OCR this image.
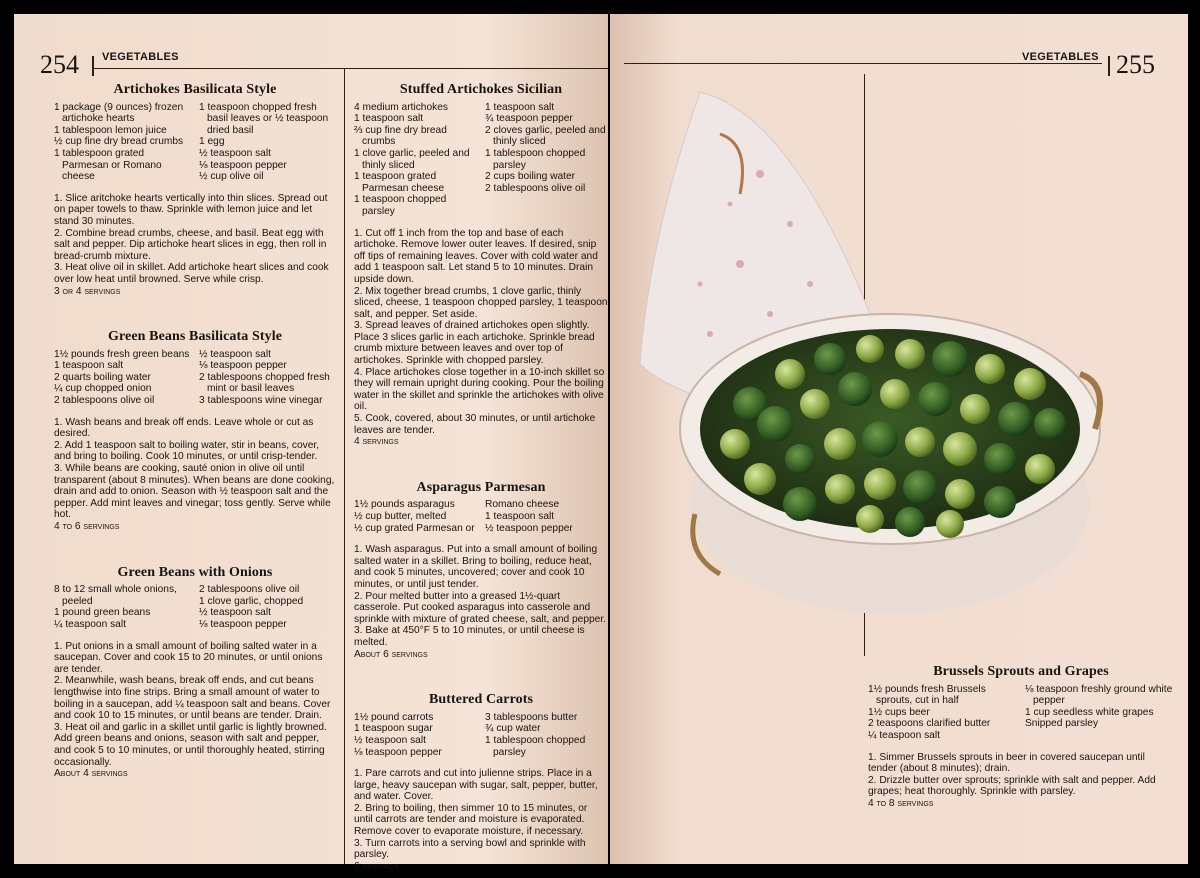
254 VEGETABLES
Artichokes Basilicata Style
1 package (9 ounces) frozen artichoke hearts
1 tablespoon lemon juice
½ cup fine dry bread crumbs
1 tablespoon grated Parmesan or Romano cheese
1 teaspoon chopped fresh basil leaves or ½ teaspoon dried basil
1 egg
½ teaspoon salt
⅛ teaspoon pepper
½ cup olive oil

1. Slice aritchoke hearts vertically into thin slices. Spread out on paper towels to thaw. Sprinkle with lemon juice and let stand 30 minutes.

2. Combine bread crumbs, cheese, and basil. Beat egg with salt and pepper. Dip artichoke heart slices in egg, then roll in bread-crumb mixture.

3. Heat olive oil in skillet. Add artichoke heart slices and cook over low heat until browned. Serve while crisp.

3 or 4 servings

Green Beans Basilicata Style
1½ pounds fresh green beans
1 teaspoon salt
2 quarts boiling water
¼ cup chopped onion
2 tablespoons olive oil
½ teaspoon salt
⅛ teaspoon pepper
2 tablespoons chopped fresh mint or basil leaves
3 tablespoons wine vinegar

1. Wash beans and break off ends. Leave whole or cut as desired.

2. Add 1 teaspoon salt to boiling water, stir in beans, cover, and bring to boiling. Cook 10 minutes, or until crisp-tender.

3. While beans are cooking, sauté onion in olive oil until transparent (about 8 minutes). When beans are done cooking, drain and add to onion. Season with ½ teaspoon salt and the pepper. Add mint leaves and vinegar; toss gently. Serve while hot.

4 to 6 servings

Green Beans with Onions
8 to 12 small whole onions, peeled
1 pound green beans
¼ teaspoon salt
2 tablespoons olive oil
1 clove garlic, chopped
½ teaspoon salt
⅛ teaspoon pepper

1. Put onions in a small amount of boiling salted water in a saucepan. Cover and cook 15 to 20 minutes, or until onions are tender.

2. Meanwhile, wash beans, break off ends, and cut beans lengthwise into fine strips. Bring a small amount of water to boiling in a saucepan, add ¼ teaspoon salt and beans. Cover and cook 10 to 15 minutes, or until beans are tender. Drain.

3. Heat oil and garlic in a skillet until garlic is lightly browned. Add green beans and onions, season with salt and pepper, and cook 5 to 10 minutes, or until thoroughly heated, stirring occasionally.

About 4 servings

Stuffed Artichokes Sicilian
4 medium artichokes
1 teaspoon salt
⅔ cup fine dry bread crumbs
1 clove garlic, peeled and thinly sliced
1 teaspoon grated Parmesan cheese
1 teaspoon chopped parsley
1 teaspoon salt
¾ teaspoon pepper
2 cloves garlic, peeled and thinly sliced
1 tablespoon chopped parsley
2 cups boiling water
2 tablespoons olive oil

1. Cut off 1 inch from the top and base of each artichoke. Remove lower outer leaves. If desired, snip off tips of remaining leaves. Cover with cold water and add 1 teaspoon salt. Let stand 5 to 10 minutes. Drain upside down.

2. Mix together bread crumbs, 1 clove garlic, thinly sliced, cheese, 1 teaspoon chopped parsley, 1 teaspoon salt, and pepper. Set aside.

3. Spread leaves of drained artichokes open slightly. Place 3 slices garlic in each artichoke. Sprinkle bread crumb mixture between leaves and over top of artichokes. Sprinkle with chopped parsley.

4. Place artichokes close together in a 10-inch skillet so they will remain upright during cooking. Pour the boiling water in the skillet and sprinkle the artichokes with olive oil.

5. Cook, covered, about 30 minutes, or until artichoke leaves are tender.

4 servings

Asparagus Parmesan
1½ pounds asparagus
½ cup butter, melted
½ cup grated Parmesan or
Romano cheese
1 teaspoon salt
½ teaspoon pepper

1. Wash asparagus. Put into a small amount of boiling salted water in a skillet. Bring to boiling, reduce heat, and cook 5 minutes, uncovered; cover and cook 10 minutes, or until just tender.

2. Pour melted butter into a greased 1½-quart casserole. Put cooked asparagus into casserole and sprinkle with mixture of grated cheese, salt, and pepper.

3. Bake at 450°F 5 to 10 minutes, or until cheese is melted.

About 6 servings

Buttered Carrots
1½ pound carrots
1 teaspoon sugar
½ teaspoon salt
⅛ teaspoon pepper
3 tablespoons butter
¾ cup water
1 tablespoon chopped parsley

1. Pare carrots and cut into julienne strips. Place in a large, heavy saucepan with sugar, salt, pepper, butter, and water. Cover.

2. Bring to boiling, then simmer 10 to 15 minutes, or until carrots are tender and moisture is evaporated. Remove cover to evaporate moisture, if necessary.

3. Turn carrots into a serving bowl and sprinkle with parsley.

6 servings

VEGETABLES 255
Brussels Sprouts and Grapes
1½ pounds fresh Brussels sprouts, cut in half
1½ cups beer
2 teaspoons clarified butter
¼ teaspoon salt
⅛ teaspoon freshly ground white pepper
1 cup seedless white grapes
Snipped parsley

1. Simmer Brussels sprouts in beer in covered saucepan until tender (about 8 minutes); drain.

2. Drizzle butter over sprouts; sprinkle with salt and pepper. Add grapes; heat thoroughly. Sprinkle with parsley.

4 to 8 servings
